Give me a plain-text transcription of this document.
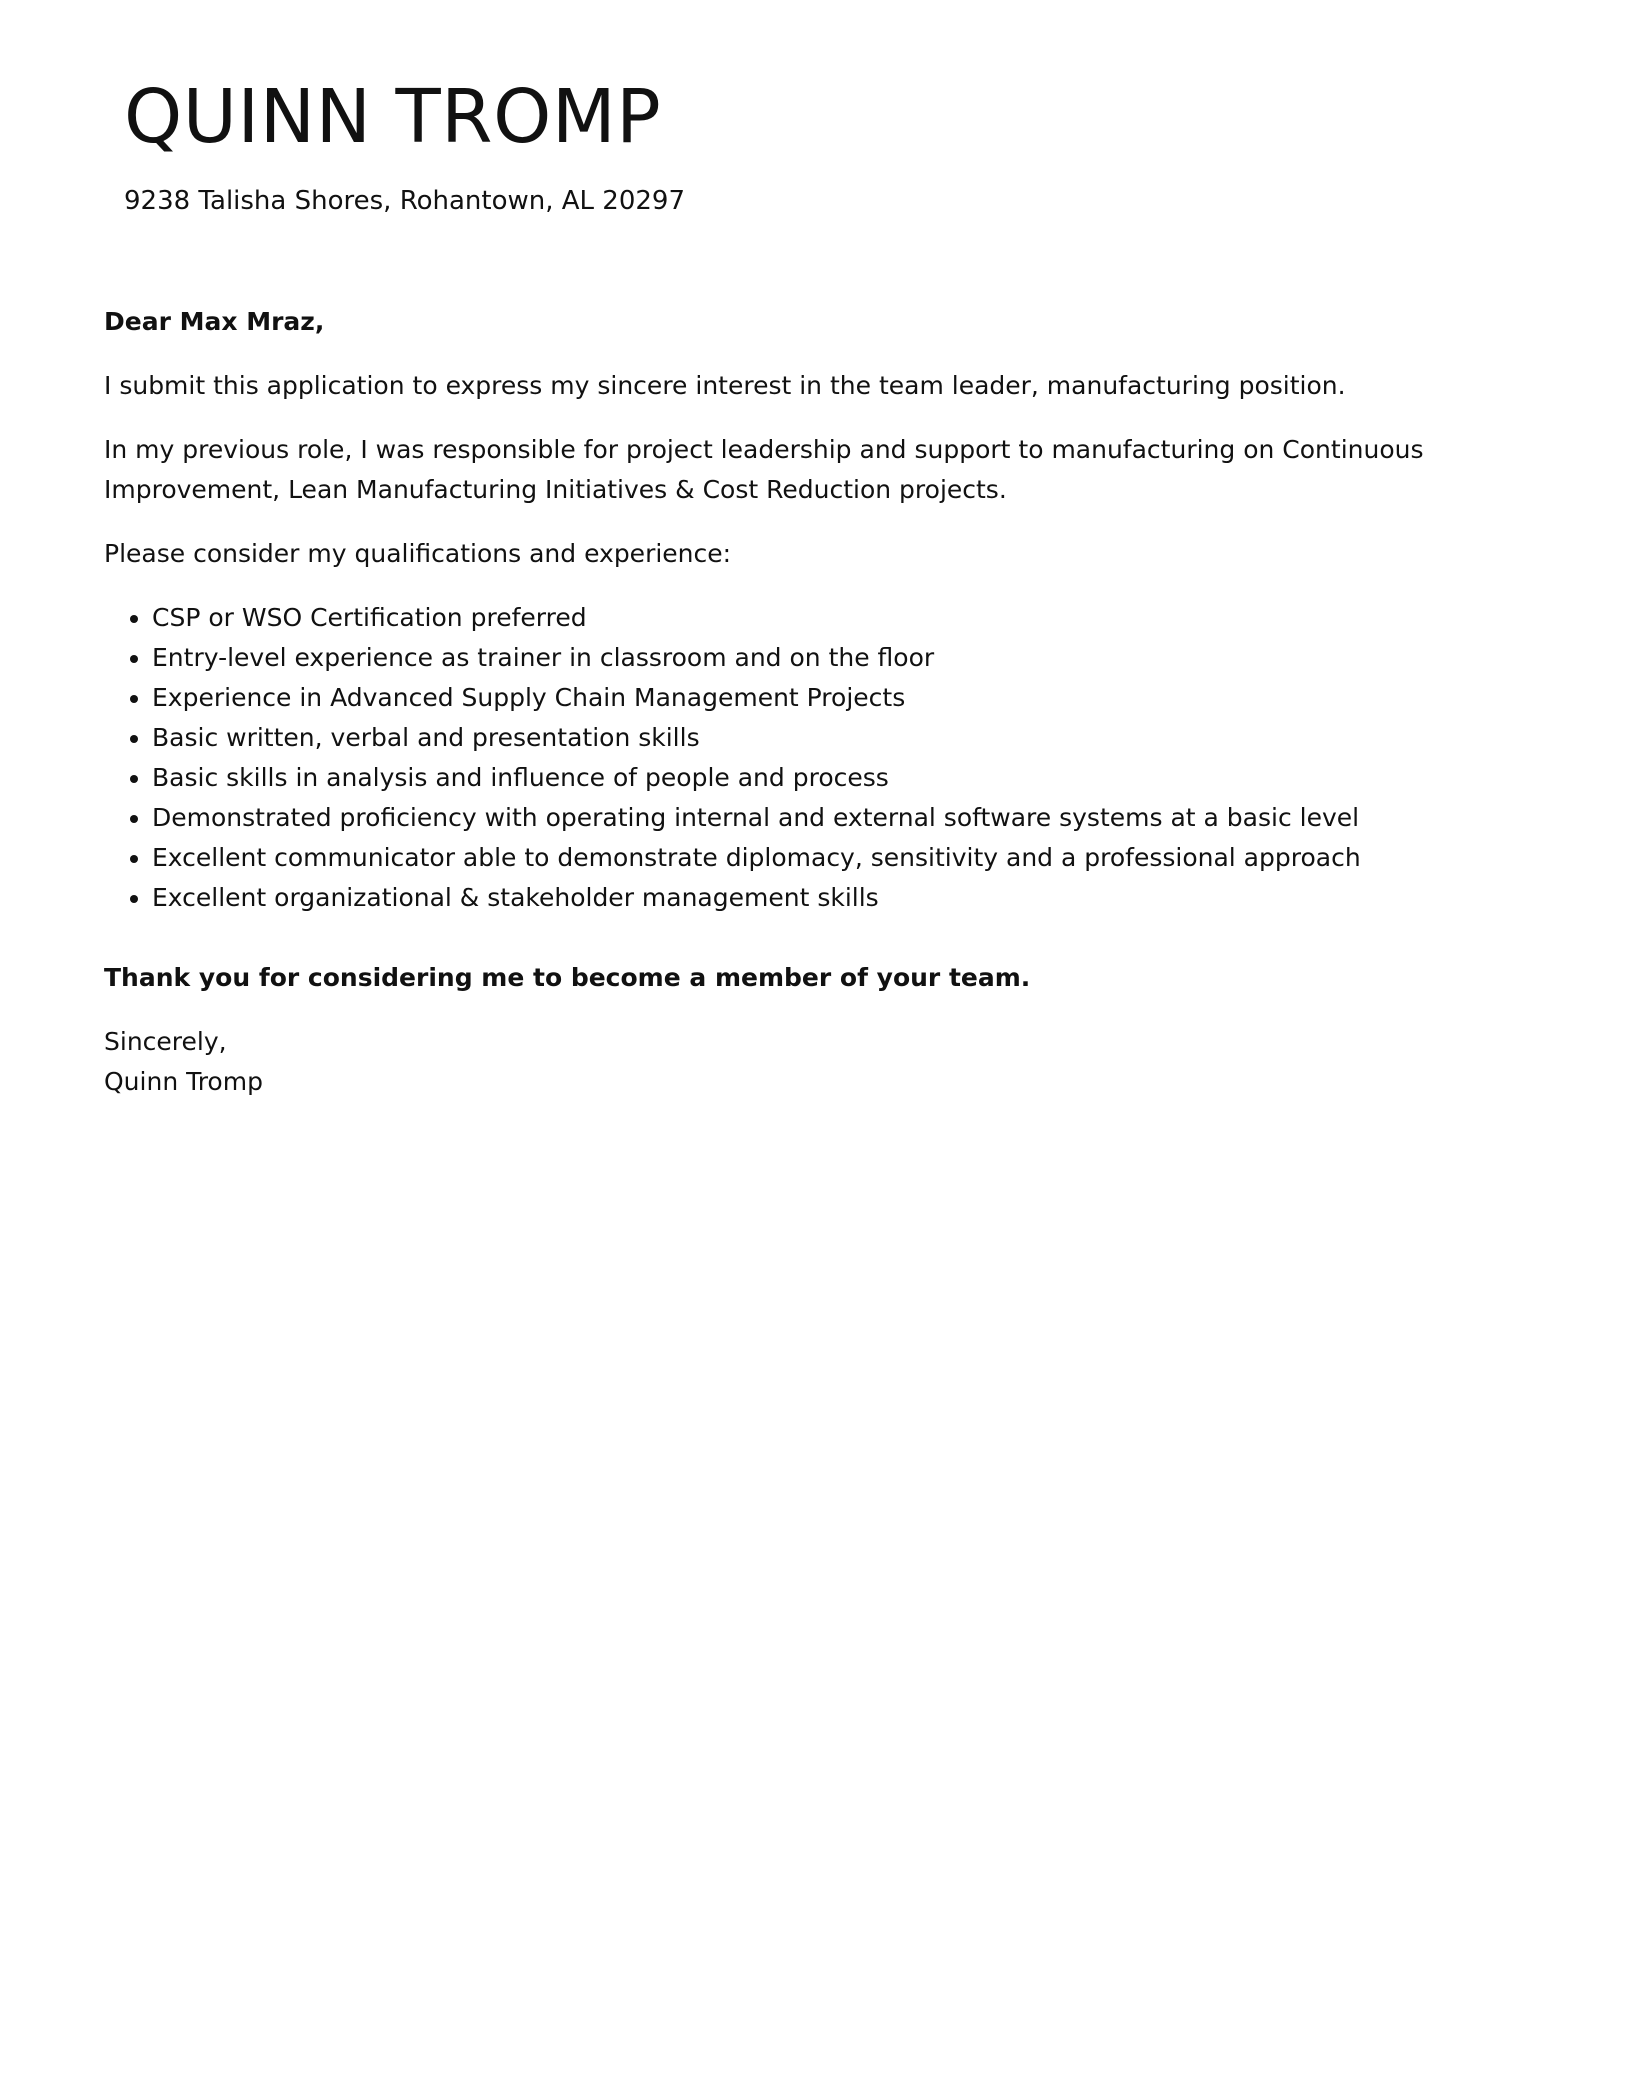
QUINN TROMP
9238 Talisha Shores, Rohantown, AL 20297

Dear Max Mraz,

I submit this application to express my sincere interest in the team leader, manufacturing position.

In my previous role, I was responsible for project leadership and support to manufacturing on Continuous Improvement, Lean Manufacturing Initiatives & Cost Reduction projects.

Please consider my qualifications and experience:

• CSP or WSO Certification preferred
• Entry-level experience as trainer in classroom and on the floor
• Experience in Advanced Supply Chain Management Projects
• Basic written, verbal and presentation skills
• Basic skills in analysis and influence of people and process
• Demonstrated proficiency with operating internal and external software systems at a basic level
• Excellent communicator able to demonstrate diplomacy, sensitivity and a professional approach
• Excellent organizational & stakeholder management skills

Thank you for considering me to become a member of your team.

Sincerely,

Quinn Tromp
